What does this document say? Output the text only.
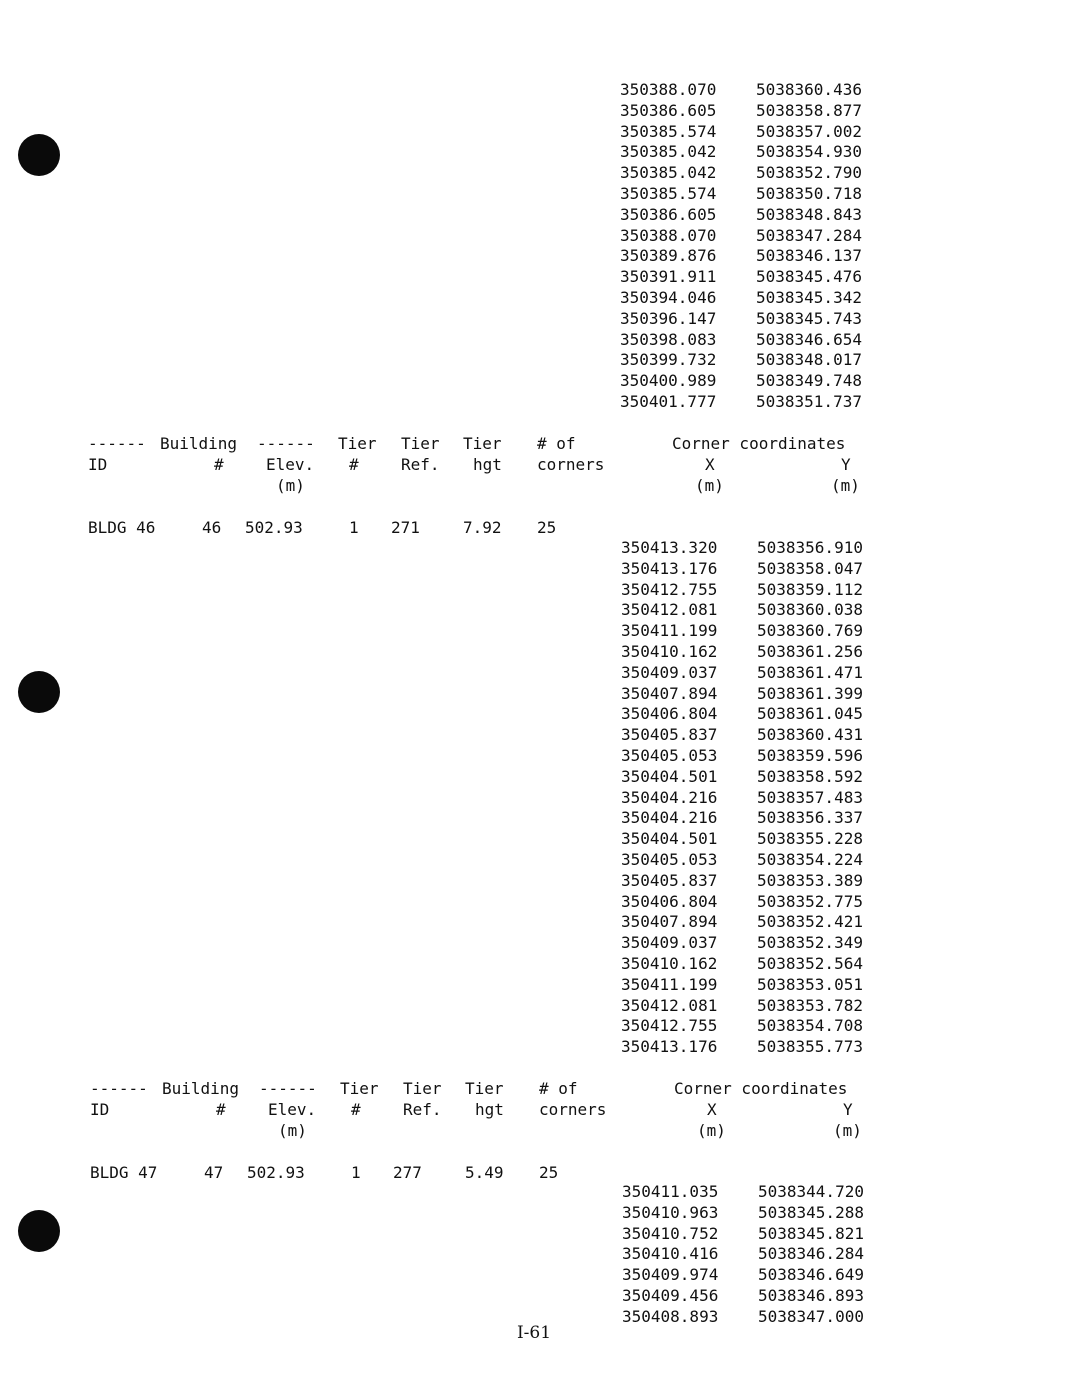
350388.070 5038360.436
350386.605 5038358.877
350385.574 5038357.002
350385.042 5038354.930
350385.042 5038352.790
350385.574 5038350.718
350386.605 5038348.843
350388.070 5038347.284
350389.876 5038346.137
350391.911 5038345.476
350394.046 5038345.342
350396.147 5038345.743
350398.083 5038346.654
350399.732 5038348.017
350400.989 5038349.748
350401.777 5038351.737
------ Building ------ Tier Tier Tier # of	Corner coordinates
ID	#	Elev. #	Ref. hgt corners	X	Y
(m)	(m)	(m)
BLDG 46	46 502.93	1 271	7.92 25
350413.320 5038356.910
350413.176 5038358.047
350412.755 5038359.112
350412.081 5038360.038
350411.199 5038360.769
350410.162 5038361.256
350409.037 5038361.471
350407.894 5038361.399
350406.804 5038361.045
350405.837 5038360.431
350405.053 5038359.596
350404.501 5038358.592
350404.216 5038357.483
350404.216 5038356.337
350404.501 5038355.228
350405.053 5038354.224
350405.837 5038353.389
350406.804 5038352.775
350407.894 5038352.421
350409.037 5038352.349
350410.162 5038352.564
350411.199 5038353.051
350412.081 5038353.782
350412.755 5038354.708
350413.176 5038355.773
------ Building ------ Tier Tier Tier # of	Corner coordinates
ID	#	Elev. #	Ref. hgt corners	X	Y
(m)	(m)	(m)
BLDG 47	47 502.93	1 277	5.49 25
350411.035 5038344.720
350410.963 5038345.288
350410.752 5038345.821
350410.416 5038346.284
350409.974 5038346.649
350409.456 5038346.893
350408.893 5038347.000
I-61
